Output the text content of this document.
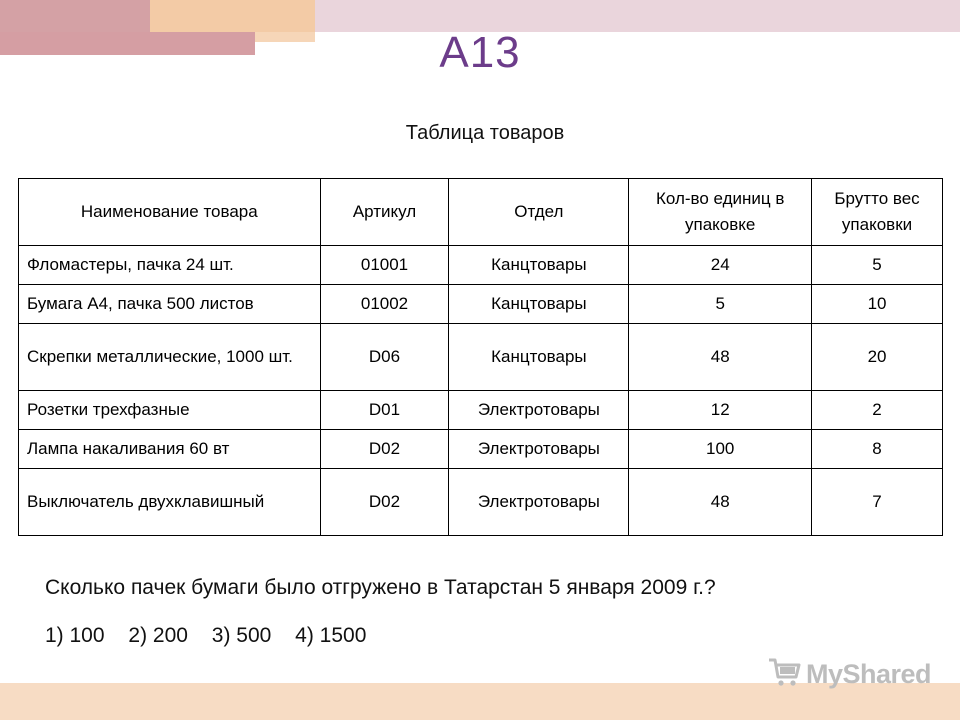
А13
Таблица товаров
Наименование товара	Артикул	Отдел	Кол-во единиц в упаковке	Брутто вес упаковки
Фломастеры, пачка 24 шт.	01001	Канцтовары	24	5
Бумага А4, пачка 500 листов	01002	Канцтовары	5	10
Скрепки металлические, 1000 шт.	D06	Канцтовары	48	20
Розетки трехфазные	D01	Электротовары	12	2
Лампа накаливания 60 вт	D02	Электротовары	100	8
Выключатель двухклавишный	D02	Электротовары	48	7
Сколько пачек бумаги было отгружено в Татарстан 5 января 2009 г.?
1) 100 2) 200 3) 500 4) 1500
MyShared
